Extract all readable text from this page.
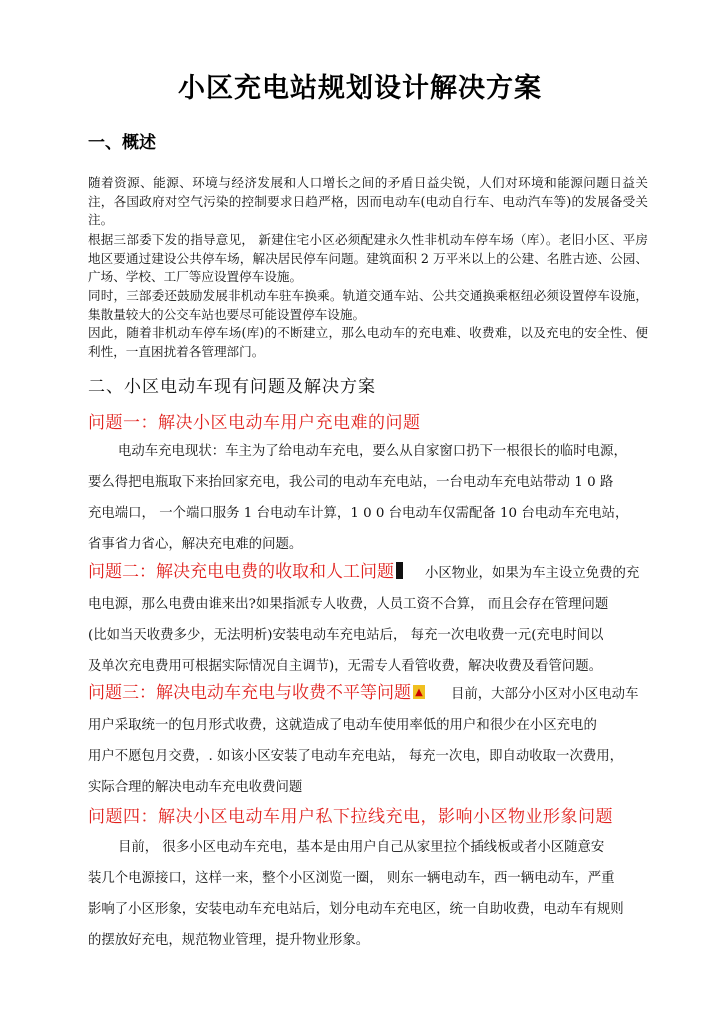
小区充电站规划设计解决方案
一、概述

随着资源、能源、环境与经济发展和人口增长之间的矛盾日益尖锐，人们对环境和能源问题日益关注，各国政府对空气污染的控制要求日趋严格，因而电动车(电动自行车、电动汽车等)的发展备受关注。

根据三部委下发的指导意见， 新建住宅小区必须配建永久性非机动车停车场（库）。老旧小区、平房地区要通过建设公共停车场，解决居民停车问题。建筑面积 2 万平米以上的公建、名胜古迹、公园、广场、学校、工厂等应设置停车设施。

同时，三部委还鼓励发展非机动车驻车换乘。轨道交通车站、公共交通换乘枢纽必须设置停车设施，集散量较大的公交车站也要尽可能设置停车设施。

因此，随着非机动车停车场(库)的不断建立，那么电动车的充电难、收费难，以及充电的安全性、便利性，一直困扰着各管理部门。

二、小区电动车现有问题及解决方案
问题一：解决小区电动车用户充电难的问题
电动车充电现状：车主为了给电动车充电，要么从自家窗口扔下一根很长的临时电源，
要么得把电瓶取下来抬回家充电，我公司的电动车充电站，一台电动车充电站带动 1 0 路
充电端口， 一个端口服务 1 台电动车计算，1 0 0 台电动车仅需配备 10 台电动车充电站，
省事省力省心，解决充电难的问题。
问题二：解决充电电费的收取和人工问题 小区物业，如果为车主设立免费的充
电电源，那么电费由谁来出?如果指派专人收费，人员工资不合算， 而且会存在管理问题
(比如当天收费多少，无法明析)安装电动车充电站后， 每充一次电收费一元(充电时间以
及单次充电费用可根据实际情况自主调节)，无需专人看管收费，解决收费及看管问题。
问题三：解决电动车充电与收费不平等问题 ▲ 目前，大部分小区对小区电动车
用户采取统一的包月形式收费，这就造成了电动车使用率低的用户和很少在小区充电的
用户不愿包月交费，. 如该小区安装了电动车充电站， 每充一次电，即自动收取一次费用，
实际合理的解决电动车充电收费问题
问题四：解决小区电动车用户私下拉线充电，影响小区物业形象问题
目前， 很多小区电动车充电，基本是由用户自己从家里拉个插线板或者小区随意安
装几个电源接口，这样一来，整个小区浏览一圈， 则东一辆电动车，西一辆电动车，严重
影响了小区形象，安装电动车充电站后，划分电动车充电区，统一自助收费，电动车有规则
的摆放好充电，规范物业管理，提升物业形象。
